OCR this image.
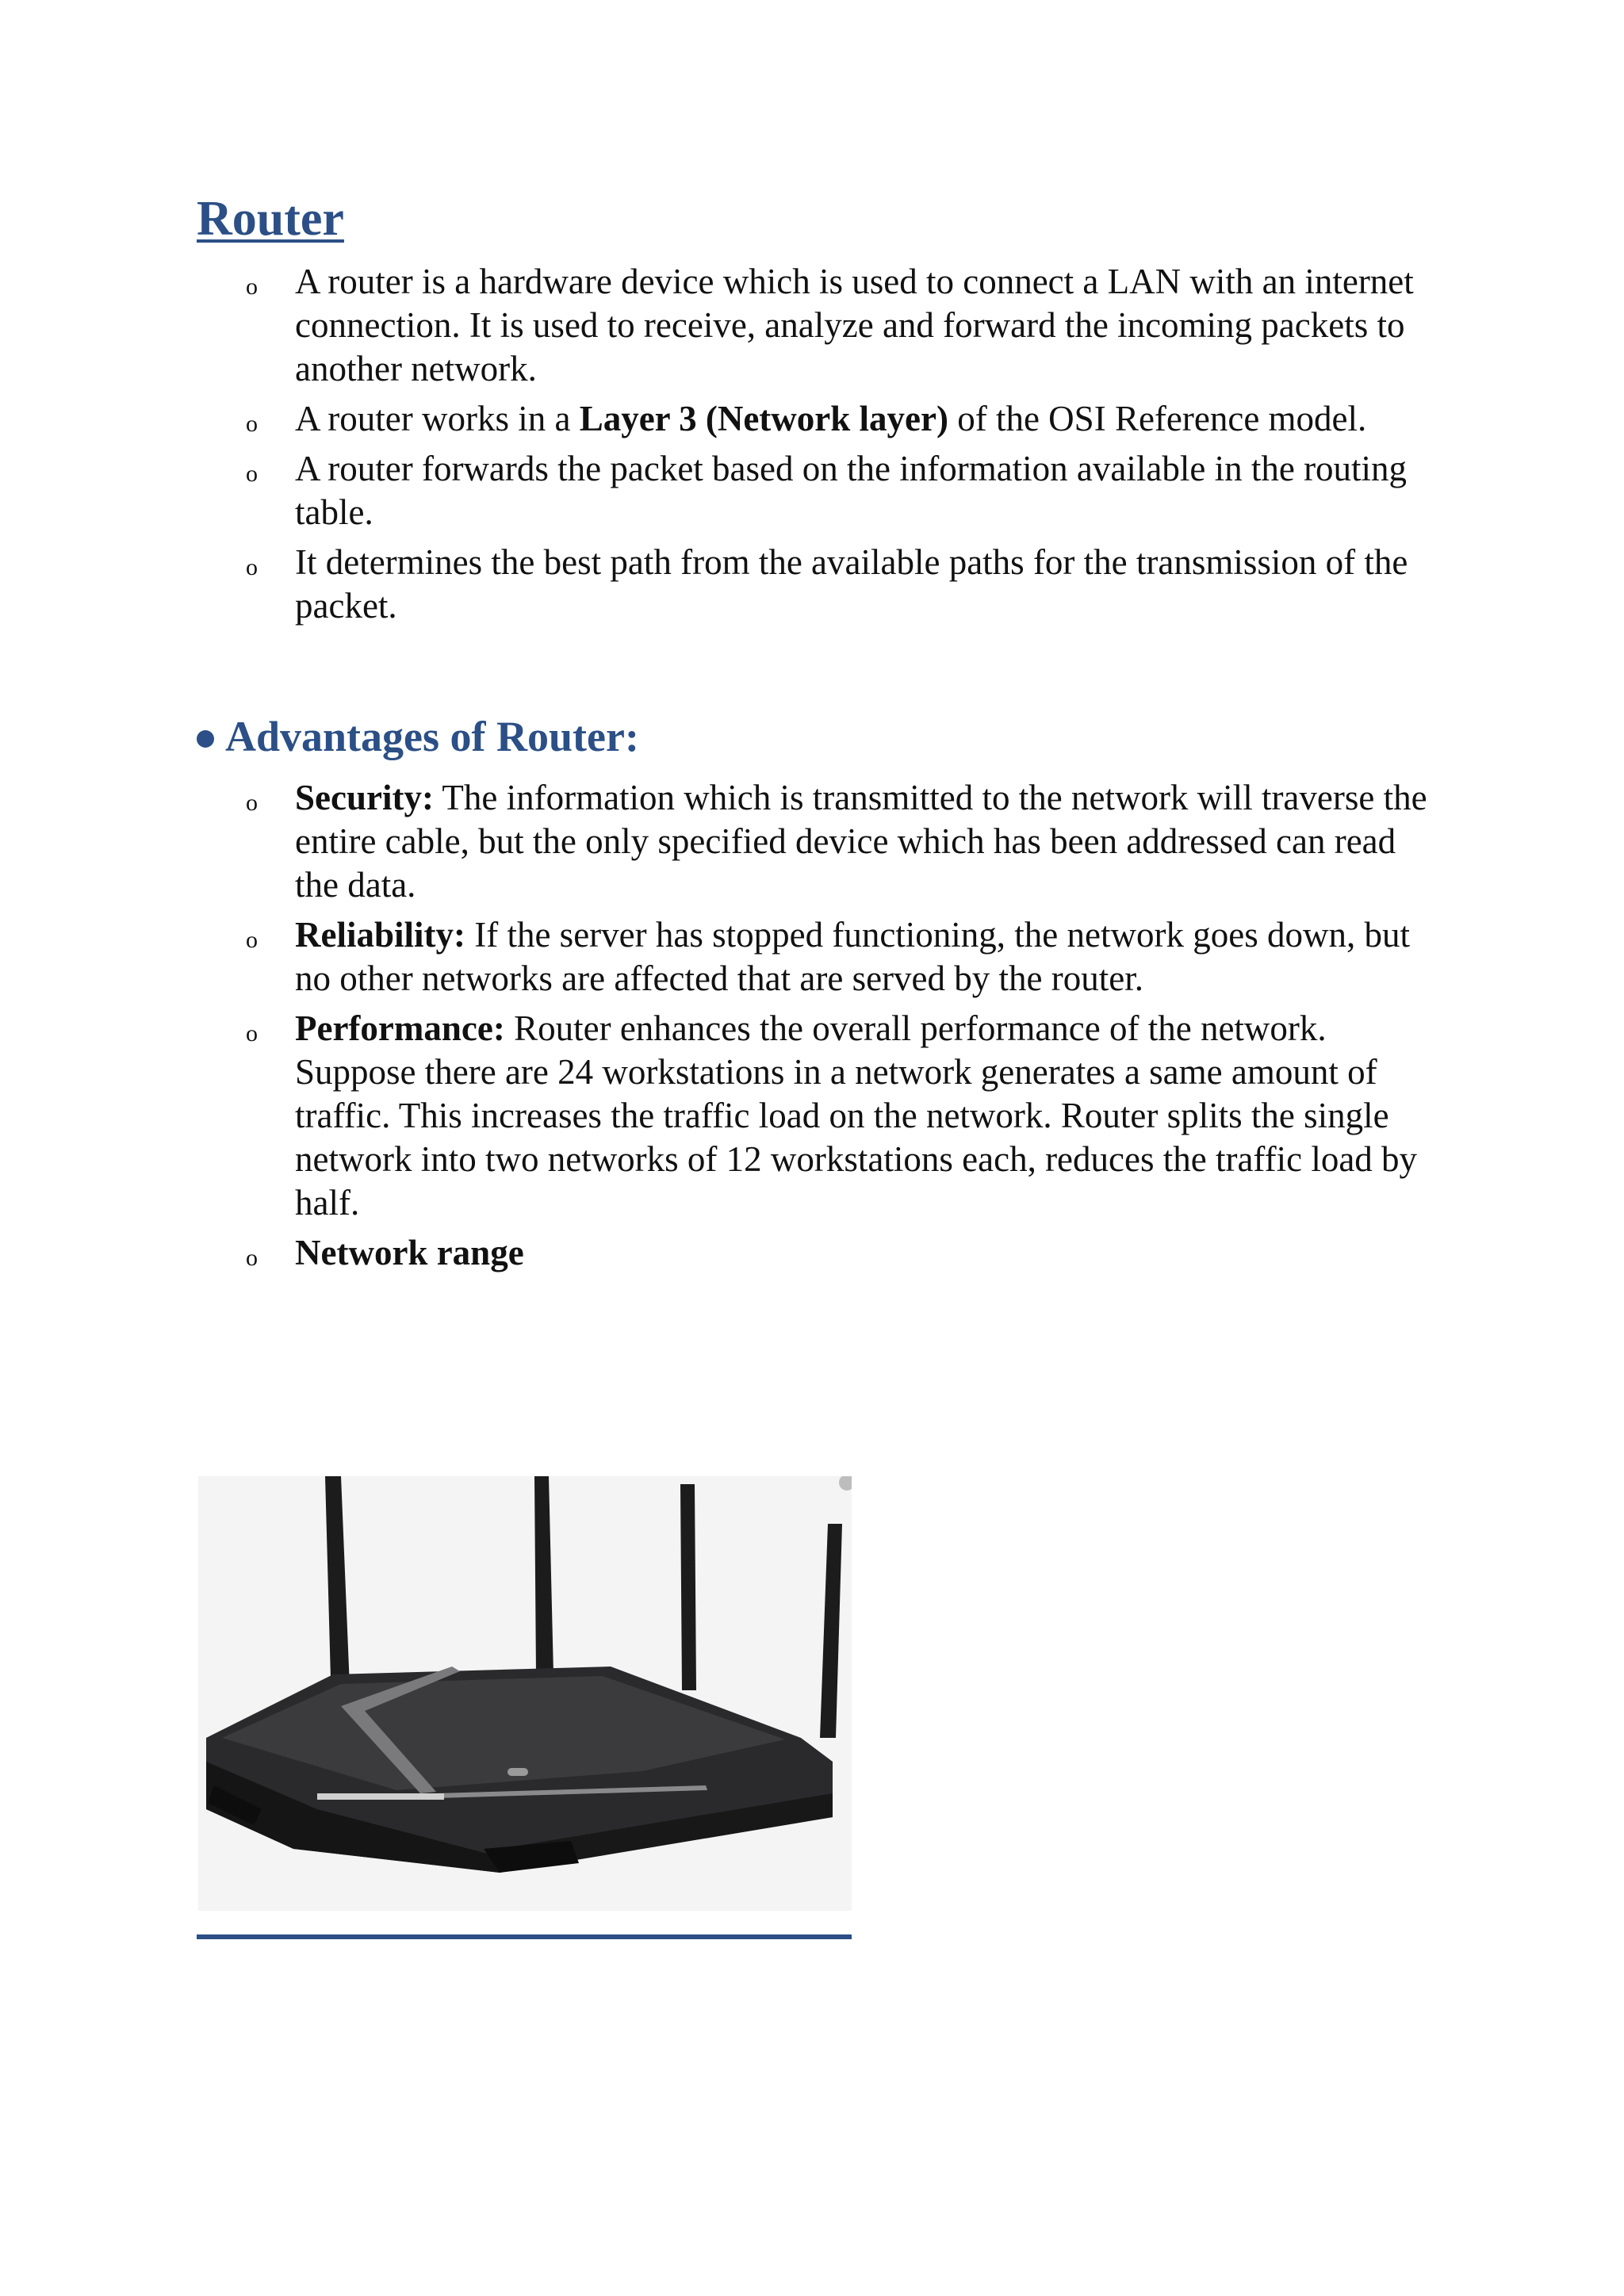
Router
o A router is a hardware device which is used to connect a LAN with an internet connection. It is used to receive, analyze and forward the incoming packets to another network.
o A router works in a Layer 3 (Network layer) of the OSI Reference model.
o A router forwards the packet based on the information available in the routing table.
o It determines the best path from the available paths for the transmission of the packet.
Advantages of Router:
o Security: The information which is transmitted to the network will traverse the entire cable, but the only specified device which has been addressed can read the data.
o Reliability: If the server has stopped functioning, the network goes down, but no other networks are affected that are served by the router.
o Performance: Router enhances the overall performance of the network. Suppose there are 24 workstations in a network generates a same amount of traffic. This increases the traffic load on the network. Router splits the single network into two networks of 12 workstations each, reduces the traffic load by half.
o Network range
